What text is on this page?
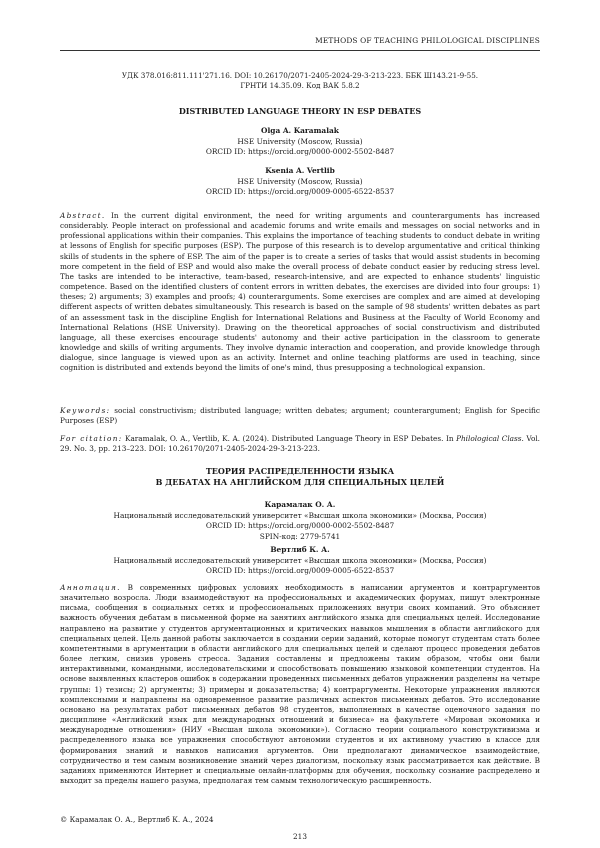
METHODS OF TEACHING PHILOLOGICAL DISCIPLINES
УДК 378.016:811.111'271.16. DOI: 10.26170/2071-2405-2024-29-3-213-223. ББК Ш143.21-9-55.
ГРНТИ 14.35.09. Код ВАК 5.8.2
DISTRIBUTED LANGUAGE THEORY IN ESP DEBATES
Olga A. Karamalak
HSE University (Moscow, Russia)
ORCID ID: https://orcid.org/0000-0002-5502-8487
Ksenia A. Vertlib
HSE University (Moscow, Russia)
ORCID ID: https://orcid.org/0009-0005-6522-8537

Abstract. In the current digital environment, the need for writing arguments and counterarguments has increased considerably. People interact on professional and academic forums and write emails and messages on social networks and in professional applications within their companies. This explains the importance of teaching students to conduct debate in writing at lessons of English for specific purposes (ESP). The purpose of this research is to develop argumentative and critical thinking skills of students in the sphere of ESP. The aim of the paper is to create a series of tasks that would assist students in becoming more competent in the field of ESP and would also make the overall process of debate conduct easier by reducing stress level. The tasks are intended to be interactive, team-based, research-intensive, and are expected to enhance students' linguistic competence. Based on the identified clusters of content errors in written debates, the exercises are divided into four groups: 1) theses; 2) arguments; 3) examples and proofs; 4) counterarguments. Some exercises are complex and are aimed at developing different aspects of written debates simultaneously. This research is based on the sample of 98 students' written debates as part of an assessment task in the discipline English for International Relations and Business at the Faculty of World Economy and International Relations (HSE University). Drawing on the theoretical approaches of social constructivism and distributed language, all these exercises encourage students' autonomy and their active participation in the classroom to generate knowledge and skills of writing arguments. They involve dynamic interaction and cooperation, and provide knowledge through dialogue, since language is viewed upon as an activity. Internet and online teaching platforms are used in teaching, since cognition is distributed and extends beyond the limits of one's mind, thus presupposing a technological expansion.

Keywords: social constructivism; distributed language; written debates; argument; counterargument; English for Specific Purposes (ESP)

For citation: Karamalak, O. A., Vertlib, K. A. (2024). Distributed Language Theory in ESP Debates. In Philological Class. Vol. 29. No. 3, pp. 213–223. DOI: 10.26170/2071-2405-2024-29-3-213-223.

ТЕОРИЯ РАСПРЕДЕЛЕННОСТИ ЯЗЫКА
В ДЕБАТАХ НА АНГЛИЙСКОМ ДЛЯ СПЕЦИАЛЬНЫХ ЦЕЛЕЙ
Карамалак О. А.
Национальный исследовательский университет «Высшая школа экономики» (Москва, Россия)
ORCID ID: https://orcid.org/0000-0002-5502-8487
SPIN-код: 2779-5741
Вертлиб К. А.
Национальный исследовательский университет «Высшая школа экономики» (Москва, Россия)
ORCID ID: https://orcid.org/0009-0005-6522-8537

Аннотация. В современных цифровых условиях необходимость в написании аргументов и контраргументов значительно возросла. Люди взаимодействуют на профессиональных и академических форумах, пишут электронные письма, сообщения в социальных сетях и профессиональных приложениях внутри своих компаний. Это объясняет важность обучения дебатам в письменной форме на занятиях английского языка для специальных целей. Исследование направлено на развитие у студентов аргументационных и критических навыков мышления в области английского для специальных целей. Цель данной работы заключается в создании серии заданий, которые помогут студентам стать более компетентными в аргументации в области английского для специальных целей и сделают процесс проведения дебатов более легким, снизив уровень стресса. Задания составлены и предложены таким образом, чтобы они были интерактивными, командными, исследовательскими и способствовать повышению языковой компетенции студентов. На основе выявленных кластеров ошибок в содержании проведенных письменных дебатов упражнения разделены на четыре группы: 1) тезисы; 2) аргументы; 3) примеры и доказательства; 4) контраргументы. Некоторые упражнения являются комплексными и направлены на одновременное развитие различных аспектов письменных дебатов. Это исследование основано на результатах работ письменных дебатов 98 студентов, выполненных в качестве оценочного задания по дисциплине «Английский язык для международных отношений и бизнеса» на факультете «Мировая экономика и международные отношения» (НИУ «Высшая школа экономики»). Согласно теории социального конструктивизма и распределенного языка все упражнения способствуют автономии студентов и их активному участию в классе для формирования знаний и навыков написания аргументов. Они предполагают динамическое взаимодействие, сотрудничество и тем самым возникновение знаний через диалогизм, поскольку язык рассматривается как действие. В заданиях применяются Интернет и специальные онлайн-платформы для обучения, поскольку сознание распределено и выходит за пределы нашего разума, предполагая тем самым технологическую расширенность.

© Карамалак О. А., Вертлиб К. А., 2024
213
